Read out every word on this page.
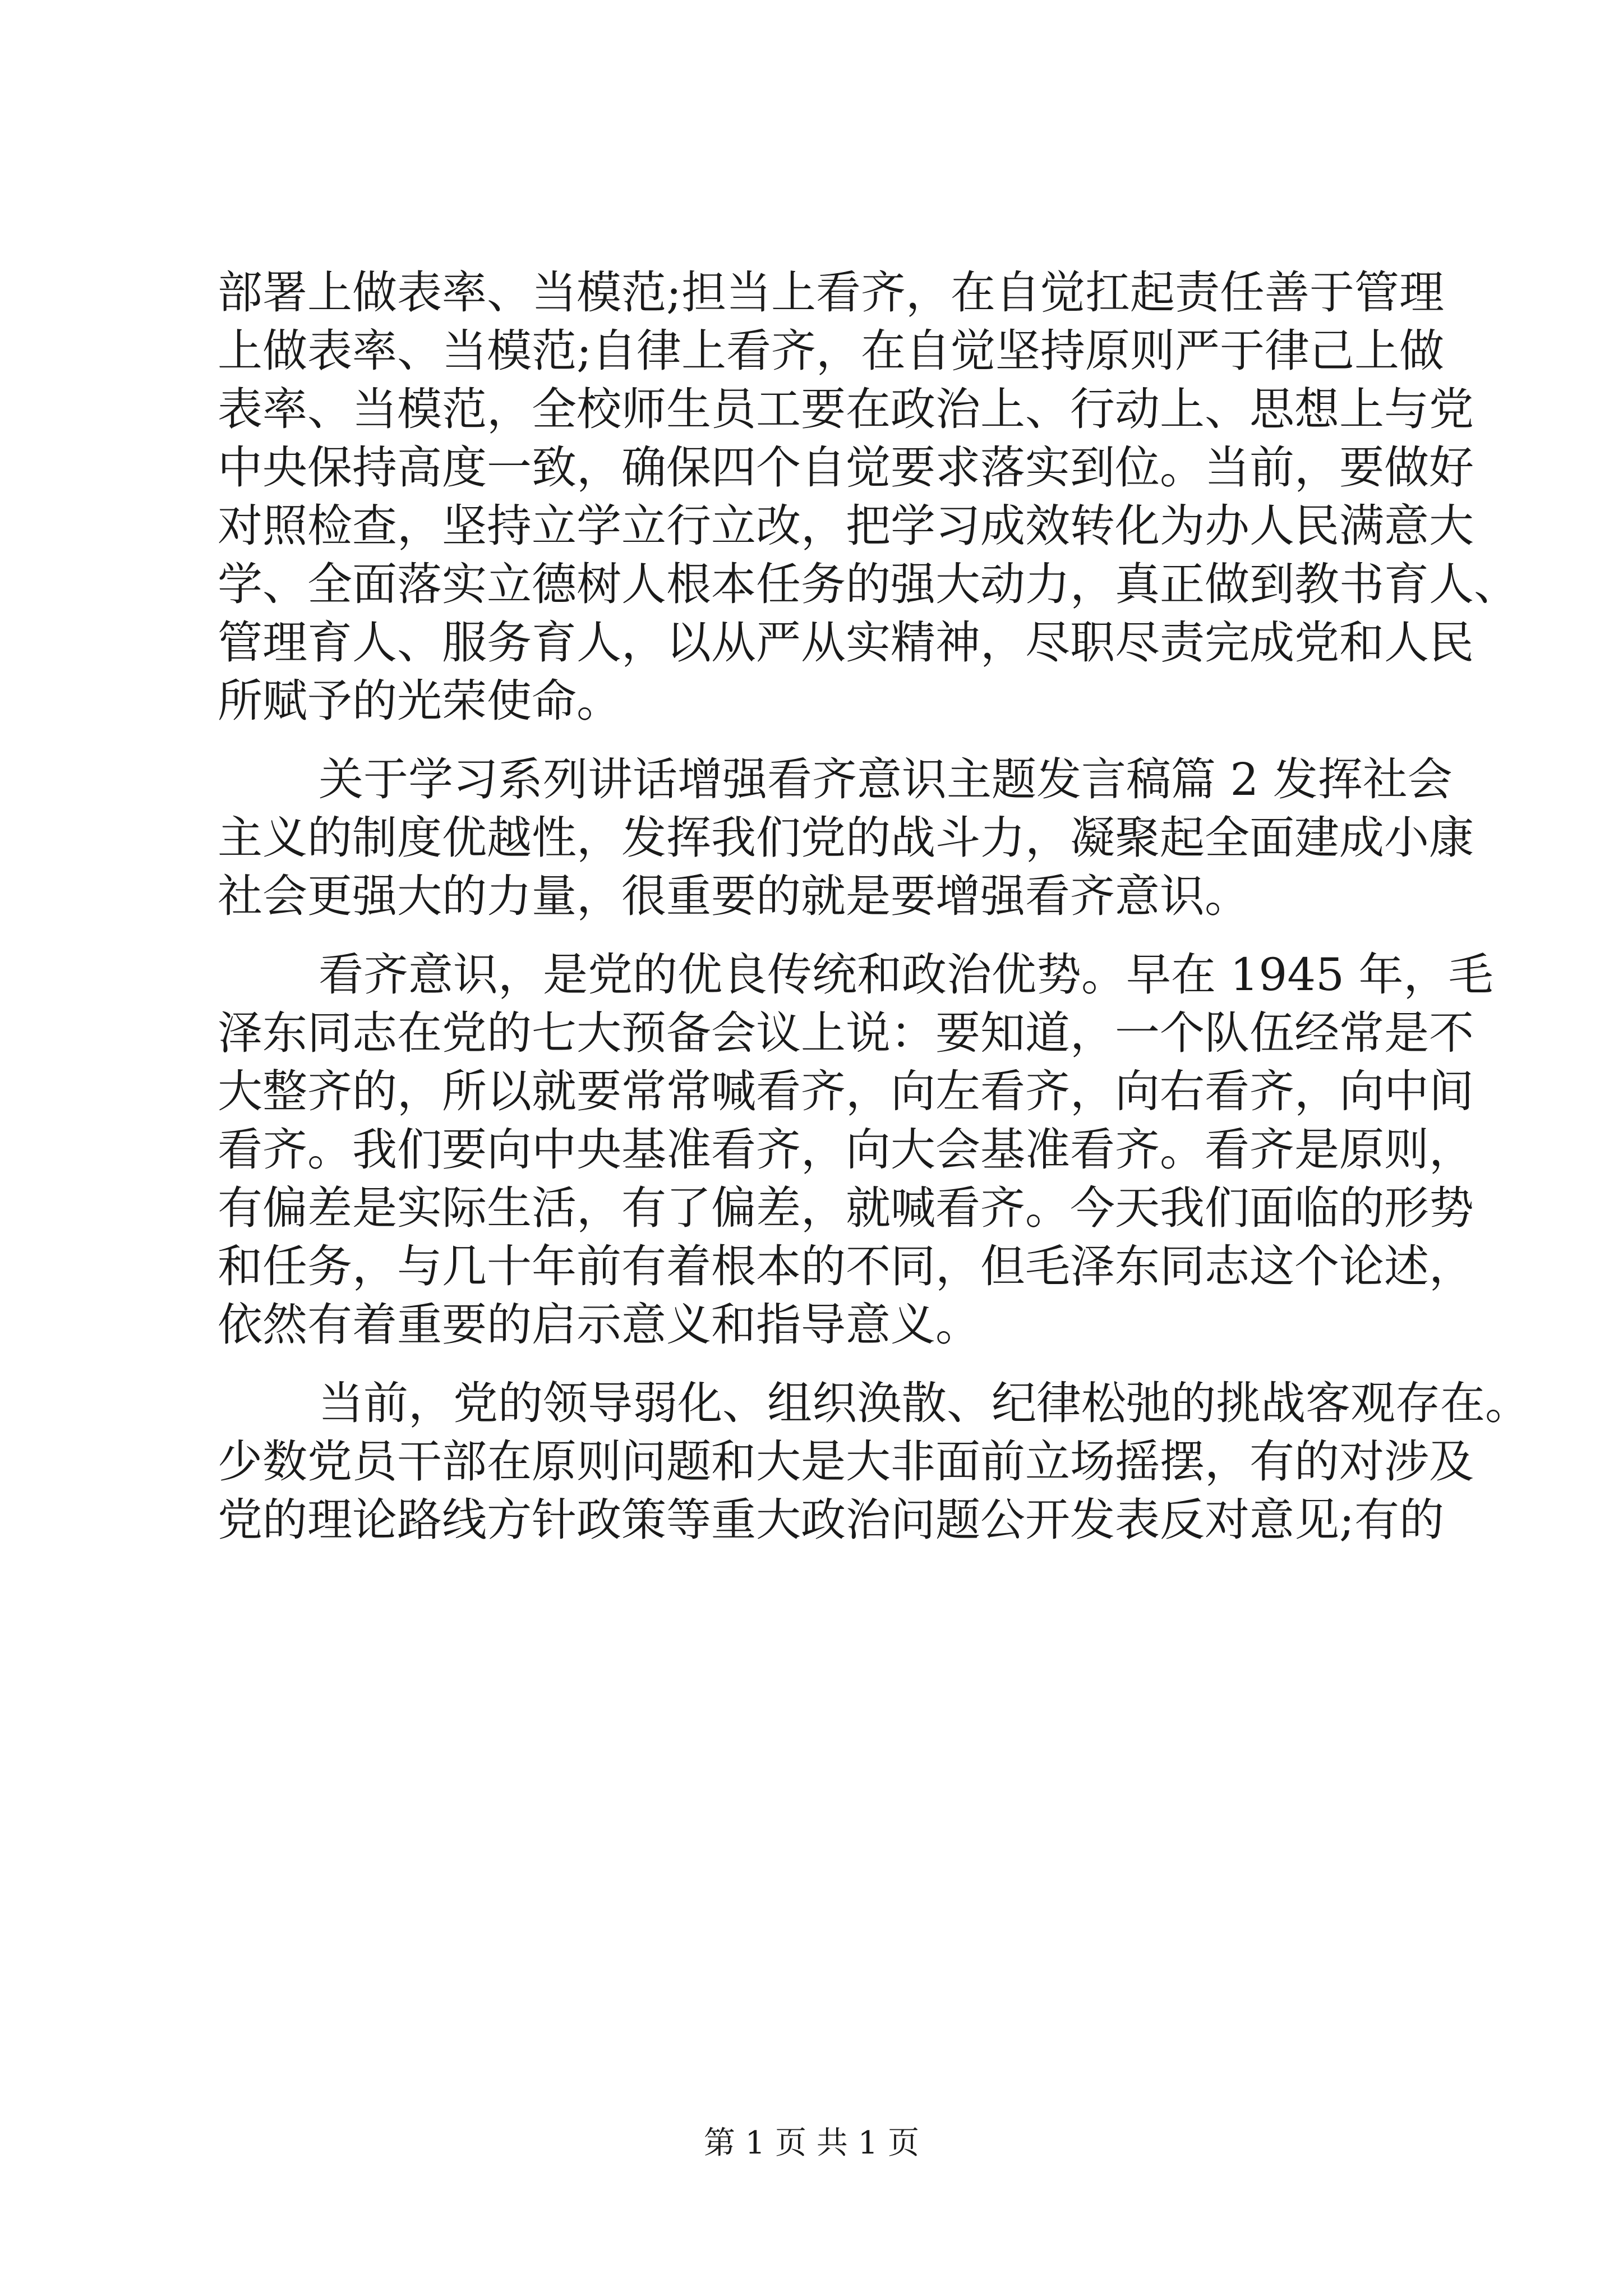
部署上做表率、当模范;担当上看齐，在自觉扛起责任善于管理
上做表率、当模范;自律上看齐，在自觉坚持原则严于律己上做
表率、当模范，全校师生员工要在政治上、行动上、思想上与党
中央保持高度一致，确保四个自觉要求落实到位。当前，要做好
对照检查，坚持立学立行立改，把学习成效转化为办人民满意大
学、全面落实立德树人根本任务的强大动力，真正做到教书育人、
管理育人、服务育人，以从严从实精神，尽职尽责完成党和人民
所赋予的光荣使命。
关于学习系列讲话增强看齐意识主题发言稿篇 2 发挥社会
主义的制度优越性，发挥我们党的战斗力，凝聚起全面建成小康
社会更强大的力量，很重要的就是要增强看齐意识。
看齐意识，是党的优良传统和政治优势。早在 1945 年，毛
泽东同志在党的七大预备会议上说：要知道，一个队伍经常是不
大整齐的，所以就要常常喊看齐，向左看齐，向右看齐，向中间
看齐。我们要向中央基准看齐，向大会基准看齐。看齐是原则，
有偏差是实际生活，有了偏差，就喊看齐。今天我们面临的形势
和任务，与几十年前有着根本的不同，但毛泽东同志这个论述，
依然有着重要的启示意义和指导意义。
当前，党的领导弱化、组织涣散、纪律松弛的挑战客观存在。
少数党员干部在原则问题和大是大非面前立场摇摆，有的对涉及
党的理论路线方针政策等重大政治问题公开发表反对意见;有的
第 1 页 共 1 页
